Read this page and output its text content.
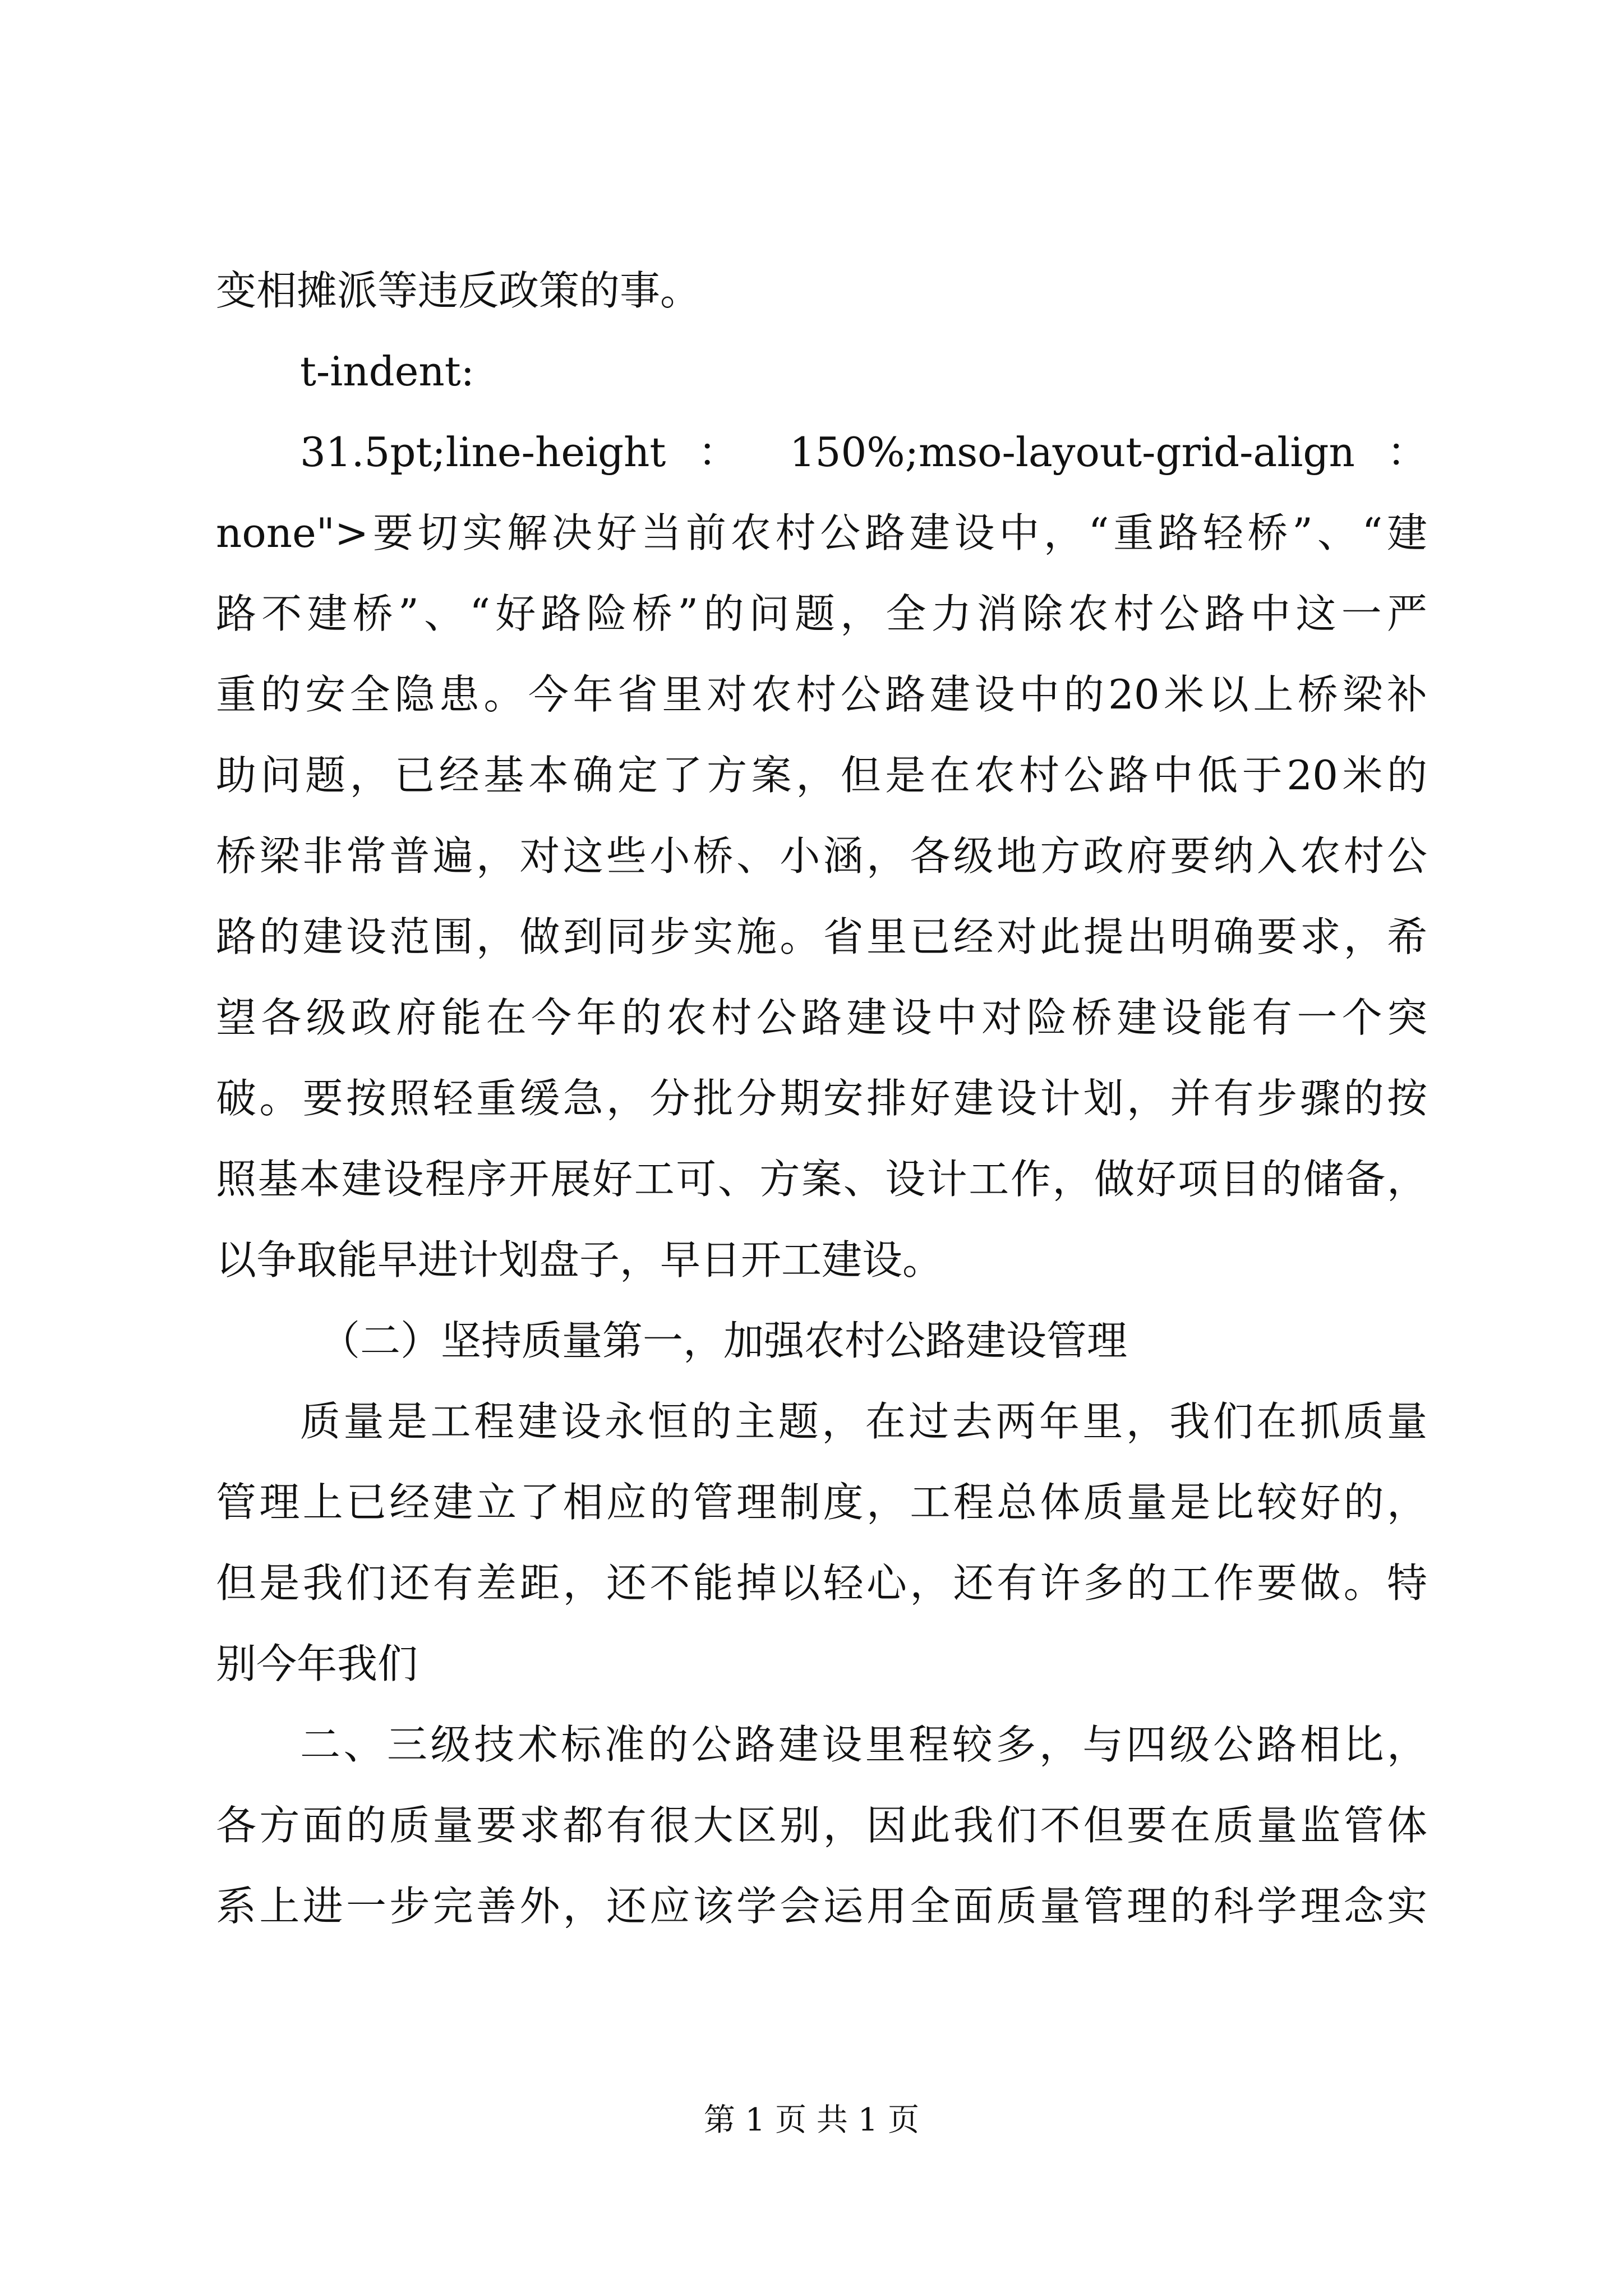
变相摊派等违反政策的事。
t-indent:
31.5pt;line-height ： 150%;mso-layout-grid-align ：
none">要切实解决好当前农村公路建设中，“重路轻桥”、“建
路不建桥”、“好路险桥”的问题，全力消除农村公路中这一严
重的安全隐患。今年省里对农村公路建设中的20米以上桥梁补
助问题，已经基本确定了方案，但是在农村公路中低于20米的
桥梁非常普遍，对这些小桥、小涵，各级地方政府要纳入农村公
路的建设范围，做到同步实施。省里已经对此提出明确要求，希
望各级政府能在今年的农村公路建设中对险桥建设能有一个突
破。要按照轻重缓急，分批分期安排好建设计划，并有步骤的按
照基本建设程序开展好工可、方案、设计工作，做好项目的储备，
以争取能早进计划盘子，早日开工建设。
（二）坚持质量第一，加强农村公路建设管理
质量是工程建设永恒的主题，在过去两年里，我们在抓质量
管理上已经建立了相应的管理制度，工程总体质量是比较好的，
但是我们还有差距，还不能掉以轻心，还有许多的工作要做。特
别今年我们
二、三级技术标准的公路建设里程较多，与四级公路相比，
各方面的质量要求都有很大区别，因此我们不但要在质量监管体
系上进一步完善外，还应该学会运用全面质量管理的科学理念实
第 1 页 共 1 页
